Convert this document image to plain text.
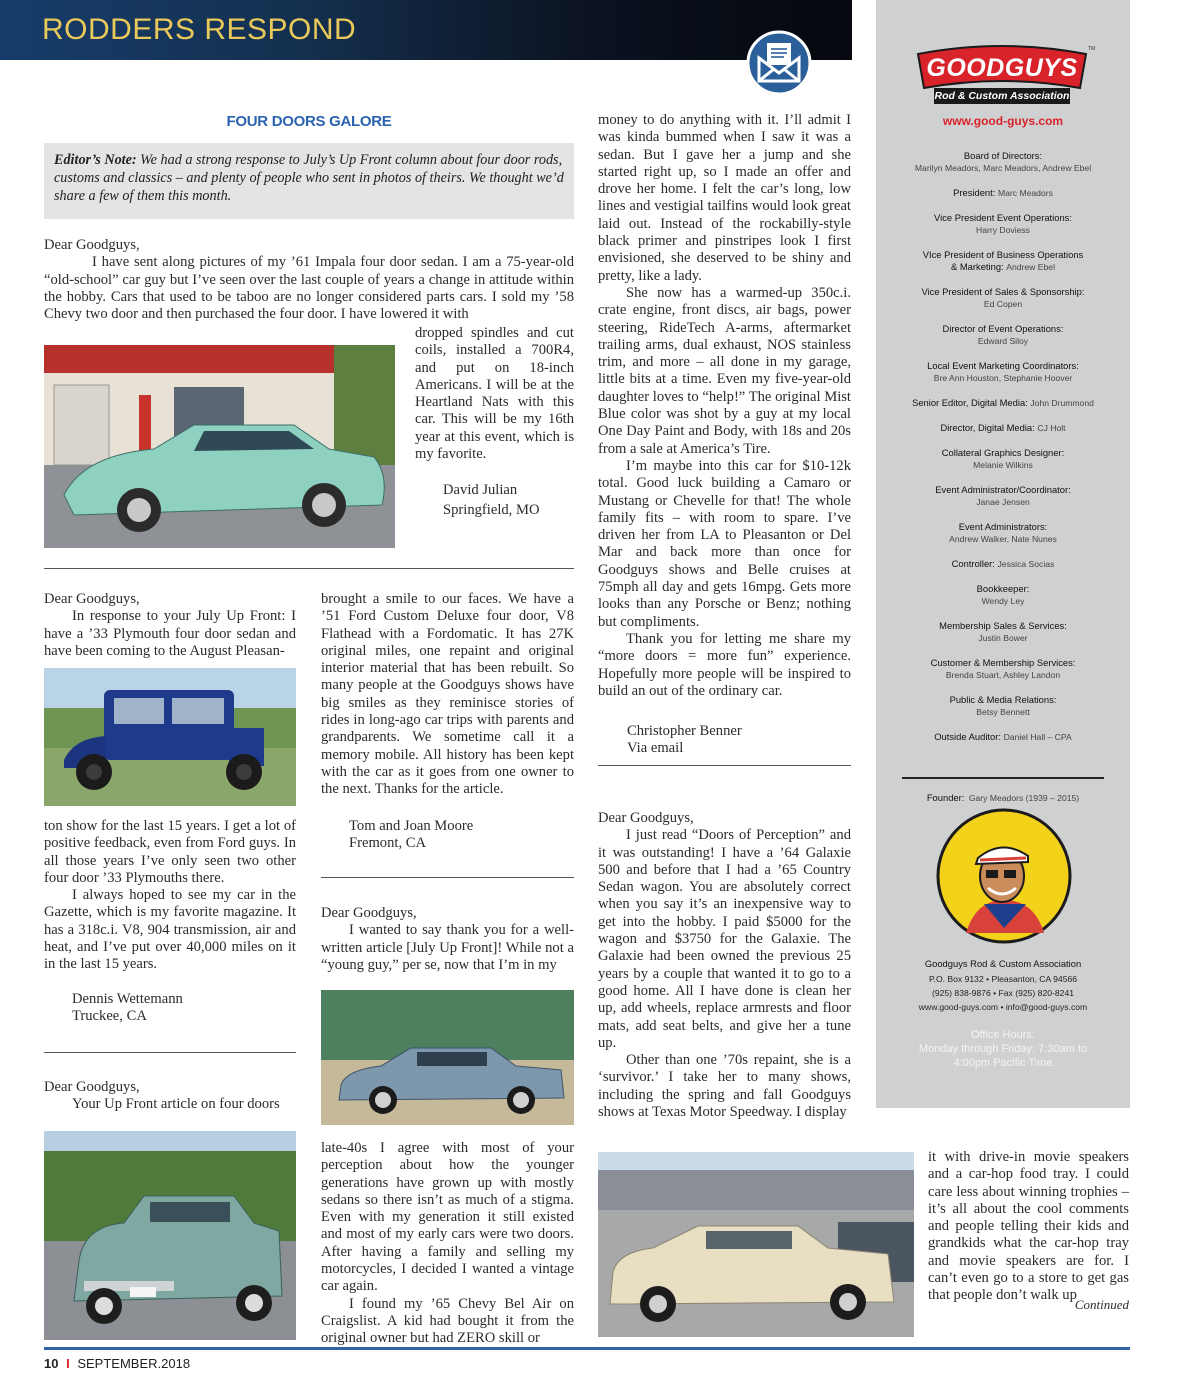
RODDERS RESPOND
FOUR DOORS GALORE
Editor’s Note: We had a strong response to July’s Up Front column about four door rods, customs and classics – and plenty of people who sent in photos of theirs. We thought we’d share a few of them this month.

Dear Goodguys,

I have sent along pictures of my ’61 Impala four door sedan. I am a 75-year-old “old-school” car guy but I’ve seen over the last couple of years a change in attitude within the hobby. Cars that used to be taboo are no longer considered parts cars. I sold my ’58 Chevy two door and then purchased the four door. I have lowered it with

dropped spindles and cut coils, installed a 700R4, and put on 18-inch Americans. I will be at the Heartland Nats with this car. This will be my 16th year at this event, which is my favorite.

David Julian
Springfield, MO

Dear Goodguys,

In response to your July Up Front: I have a ’33 Plymouth four door sedan and have been coming to the August Pleasan-

ton show for the last 15 years. I get a lot of positive feedback, even from Ford guys. In all those years I’ve only seen two other four door ’33 Plymouths there.

I always hoped to see my car in the Gazette, which is my favorite magazine. It has a 318c.i. V8, 904 transmission, air and heat, and I’ve put over 40,000 miles on it in the last 15 years.

Dennis Wettemann
Truckee, CA

Dear Goodguys,

Your Up Front article on four doors

brought a smile to our faces. We have a ’51 Ford Custom Deluxe four door, V8 Flathead with a Fordomatic. It has 27K original miles, one repaint and original interior material that has been rebuilt. So many people at the Goodguys shows have big smiles as they reminisce stories of rides in long-ago car trips with parents and grandparents. We sometime call it a memory mobile. All history has been kept with the car as it goes from one owner to the next. Thanks for the article.

Tom and Joan Moore
Fremont, CA

Dear Goodguys,

I wanted to say thank you for a well-written article [July Up Front]! While not a “young guy,” per se, now that I’m in my

late-40s I agree with most of your perception about how the younger generations have grown up with mostly sedans so there isn’t as much of a stigma. Even with my generation it still existed and most of my early cars were two doors. After having a family and selling my motorcycles, I decided I wanted a vintage car again.

I found my ’65 Chevy Bel Air on Craigslist. A kid had bought it from the original owner but had ZERO skill or

money to do anything with it. I’ll admit I was kinda bummed when I saw it was a sedan. But I gave her a jump and she started right up, so I made an offer and drove her home. I felt the car’s long, low lines and vestigial tailfins would look great laid out. Instead of the rockabilly-style black primer and pinstripes look I first envisioned, she deserved to be shiny and pretty, like a lady.

She now has a warmed-up 350c.i. crate engine, front discs, air bags, power steering, RideTech A-arms, aftermarket trailing arms, dual exhaust, NOS stainless trim, and more – all done in my garage, little bits at a time. Even my five-year-old daughter loves to “help!” The original Mist Blue color was shot by a guy at my local One Day Paint and Body, with 18s and 20s from a sale at America’s Tire.

I’m maybe into this car for $10-12k total. Good luck building a Camaro or Mustang or Chevelle for that! The whole family fits – with room to spare. I’ve driven her from LA to Pleasanton or Del Mar and back more than once for Goodguys shows and Belle cruises at 75mph all day and gets 16mpg. Gets more looks than any Porsche or Benz; nothing but compliments.

Thank you for letting me share my “more doors = more fun” experience. Hopefully more people will be inspired to build an out of the ordinary car.

Christopher Benner
Via email

Dear Goodguys,

I just read “Doors of Perception” and it was outstanding! I have a ’64 Galaxie 500 and before that I had a ’65 Country Sedan wagon. You are absolutely correct when you say it’s an inexpensive way to get into the hobby. I paid $5000 for the wagon and $3750 for the Galaxie. The Galaxie had been owned the previous 25 years by a couple that wanted it to go to a good home. All I have done is clean her up, add wheels, replace armrests and floor mats, add seat belts, and give her a tune up.

Other than one ’70s repaint, she is a ‘survivor.’ I take her to many shows, including the spring and fall Goodguys shows at Texas Motor Speedway. I display

it with drive-in movie speakers and a car-hop food tray. I could care less about winning trophies – it’s all about the cool comments and people telling their kids and grandkids what the car-hop tray and movie speakers are for. I can’t even go to a store to get gas that people don’t walk up

Continued
GOODGUYS
TM
Rod & Custom Association
www.good-guys.com
Board of Directors:
Marilyn Meadors, Marc Meadors, Andrew Ebel
President: Marc Meadors
Vice President Event Operations:
Harry Doviess
VIce President of Business Operations
& Marketing: Andrew Ebel
Vice President of Sales & Sponsorship:
Ed Copen
Director of Event Operations:
Edward Siloy
Local Event Marketing Coordinators:
Bre Ann Houston, Stephanie Hoover
Senior Editor, Digital Media: John Drummond
Director, Digital Media: CJ Holt
Collateral Graphics Designer:
Melanie Wilkins
Event Administrator/Coordinator:
Janae Jensen
Event Administrators:
Andrew Walker, Nate Nunes
Controller: Jessica Socias
Bookkeeper:
Wendy Ley
Membership Sales & Services:
Justin Bower
Customer & Membership Services:
Brenda Stuart, Ashley Landon
Public & Media Relations:
Betsy Bennett
Outside Auditor: Daniel Hall – CPA
Founder: Gary Meadors (1939 – 2015)
Goodguys Rod & Custom Association
P.O. Box 9132 • Pleasanton, CA 94566
(925) 838-9876 • Fax (925) 820-8241
www.good-guys.com • info@good-guys.com
Office Hours:
Monday through Friday: 7:30am to
4:00pm Pacific Time
10 I SEPTEMBER.2018
